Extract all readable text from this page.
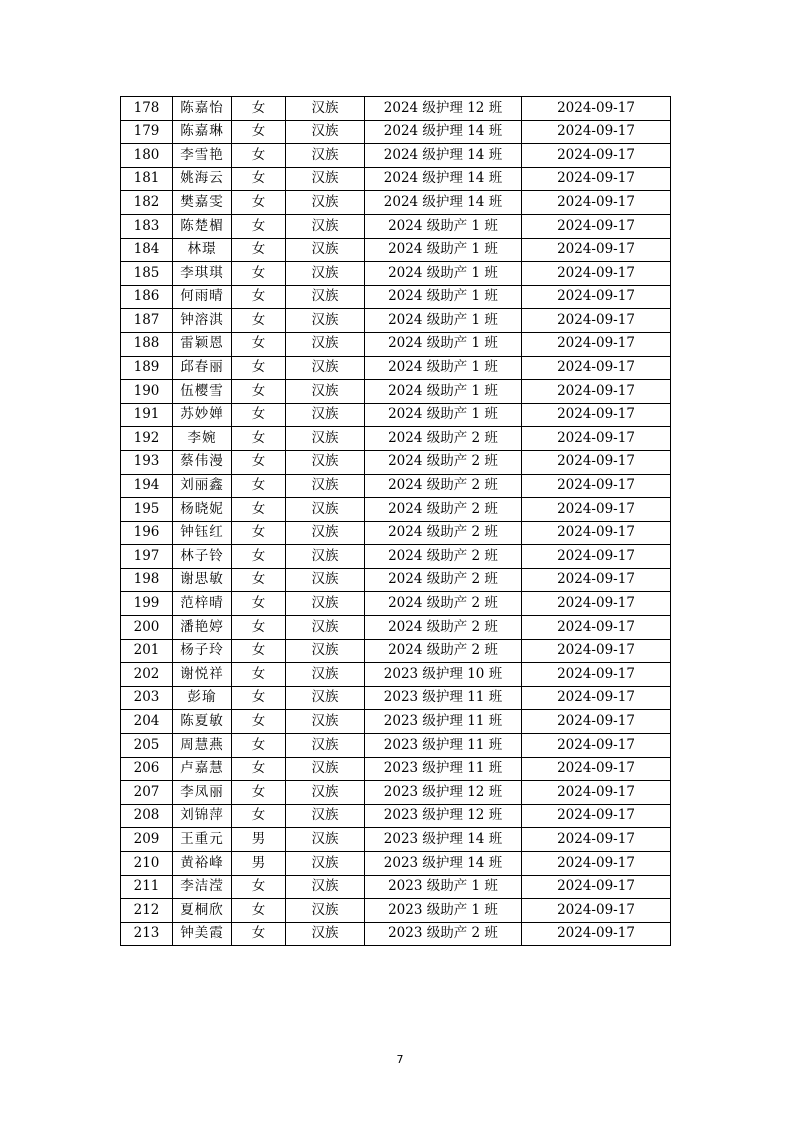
178	陈嘉怡	女	汉族	2024 级护理 12 班	2024-09-17
179	陈嘉琳	女	汉族	2024 级护理 14 班	2024-09-17
180	李雪艳	女	汉族	2024 级护理 14 班	2024-09-17
181	姚海云	女	汉族	2024 级护理 14 班	2024-09-17
182	樊嘉雯	女	汉族	2024 级护理 14 班	2024-09-17
183	陈楚楣	女	汉族	2024 级助产 1 班	2024-09-17
184	林璟	女	汉族	2024 级助产 1 班	2024-09-17
185	李琪琪	女	汉族	2024 级助产 1 班	2024-09-17
186	何雨晴	女	汉族	2024 级助产 1 班	2024-09-17
187	钟溶淇	女	汉族	2024 级助产 1 班	2024-09-17
188	雷颖恩	女	汉族	2024 级助产 1 班	2024-09-17
189	邱春丽	女	汉族	2024 级助产 1 班	2024-09-17
190	伍樱雪	女	汉族	2024 级助产 1 班	2024-09-17
191	苏妙婵	女	汉族	2024 级助产 1 班	2024-09-17
192	李婉	女	汉族	2024 级助产 2 班	2024-09-17
193	蔡伟漫	女	汉族	2024 级助产 2 班	2024-09-17
194	刘丽鑫	女	汉族	2024 级助产 2 班	2024-09-17
195	杨晓妮	女	汉族	2024 级助产 2 班	2024-09-17
196	钟钰红	女	汉族	2024 级助产 2 班	2024-09-17
197	林子铃	女	汉族	2024 级助产 2 班	2024-09-17
198	谢思敏	女	汉族	2024 级助产 2 班	2024-09-17
199	范梓晴	女	汉族	2024 级助产 2 班	2024-09-17
200	潘艳婷	女	汉族	2024 级助产 2 班	2024-09-17
201	杨子玲	女	汉族	2024 级助产 2 班	2024-09-17
202	谢悦祥	女	汉族	2023 级护理 10 班	2024-09-17
203	彭瑜	女	汉族	2023 级护理 11 班	2024-09-17
204	陈夏敏	女	汉族	2023 级护理 11 班	2024-09-17
205	周慧燕	女	汉族	2023 级护理 11 班	2024-09-17
206	卢嘉慧	女	汉族	2023 级护理 11 班	2024-09-17
207	李凤丽	女	汉族	2023 级护理 12 班	2024-09-17
208	刘锦萍	女	汉族	2023 级护理 12 班	2024-09-17
209	王重元	男	汉族	2023 级护理 14 班	2024-09-17
210	黄裕峰	男	汉族	2023 级护理 14 班	2024-09-17
211	李洁滢	女	汉族	2023 级助产 1 班	2024-09-17
212	夏桐欣	女	汉族	2023 级助产 1 班	2024-09-17
213	钟美霞	女	汉族	2023 级助产 2 班	2024-09-17
7
